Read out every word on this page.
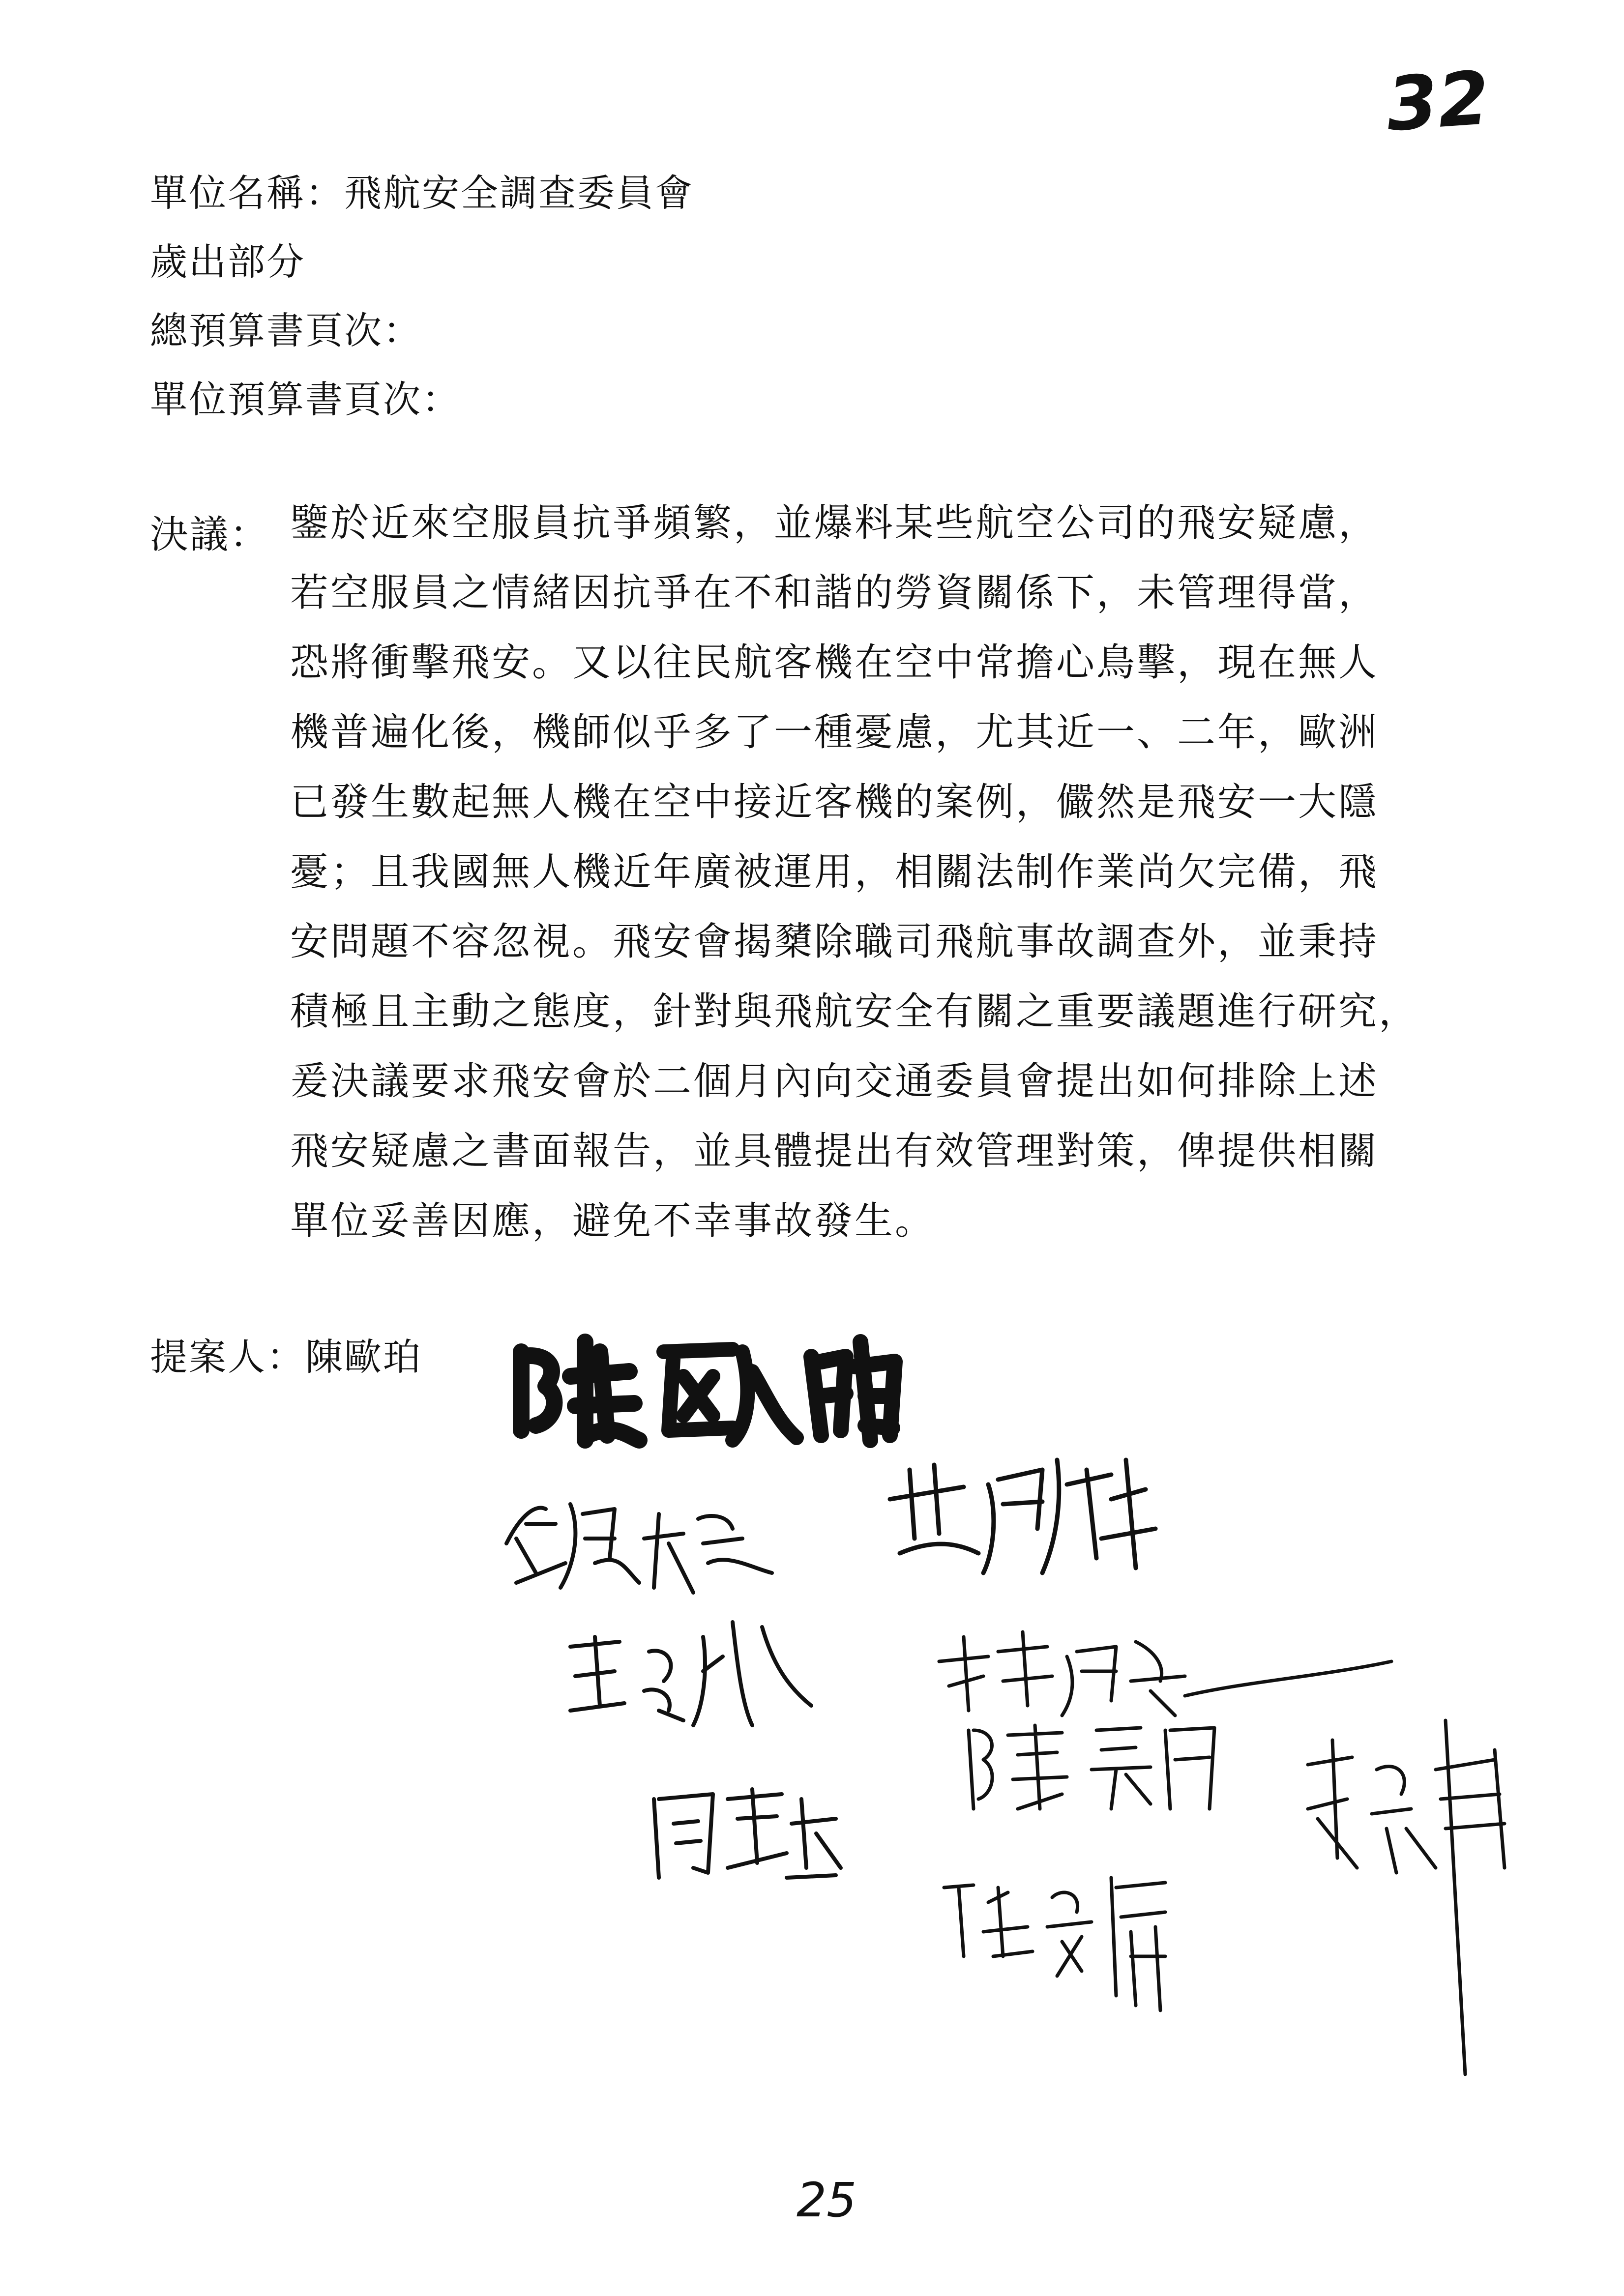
32
單位名稱：飛航安全調查委員會
歲出部分
總預算書頁次：
單位預算書頁次：
決議： 鑒於近來空服員抗爭頻繁，並爆料某些航空公司的飛安疑慮，
若空服員之情緒因抗爭在不和諧的勞資關係下，未管理得當，
恐將衝擊飛安。又以往民航客機在空中常擔心鳥擊，現在無人
機普遍化後，機師似乎多了一種憂慮，尤其近一、二年，歐洲
已發生數起無人機在空中接近客機的案例，儼然是飛安一大隱
憂；且我國無人機近年廣被運用，相關法制作業尚欠完備，飛
安問題不容忽視。飛安會揭櫫除職司飛航事故調查外，並秉持
積極且主動之態度，針對與飛航安全有關之重要議題進行研究，
爰決議要求飛安會於二個月內向交通委員會提出如何排除上述
飛安疑慮之書面報告，並具體提出有效管理對策，俾提供相關
單位妥善因應，避免不幸事故發生。
提案人：陳歐珀
25
